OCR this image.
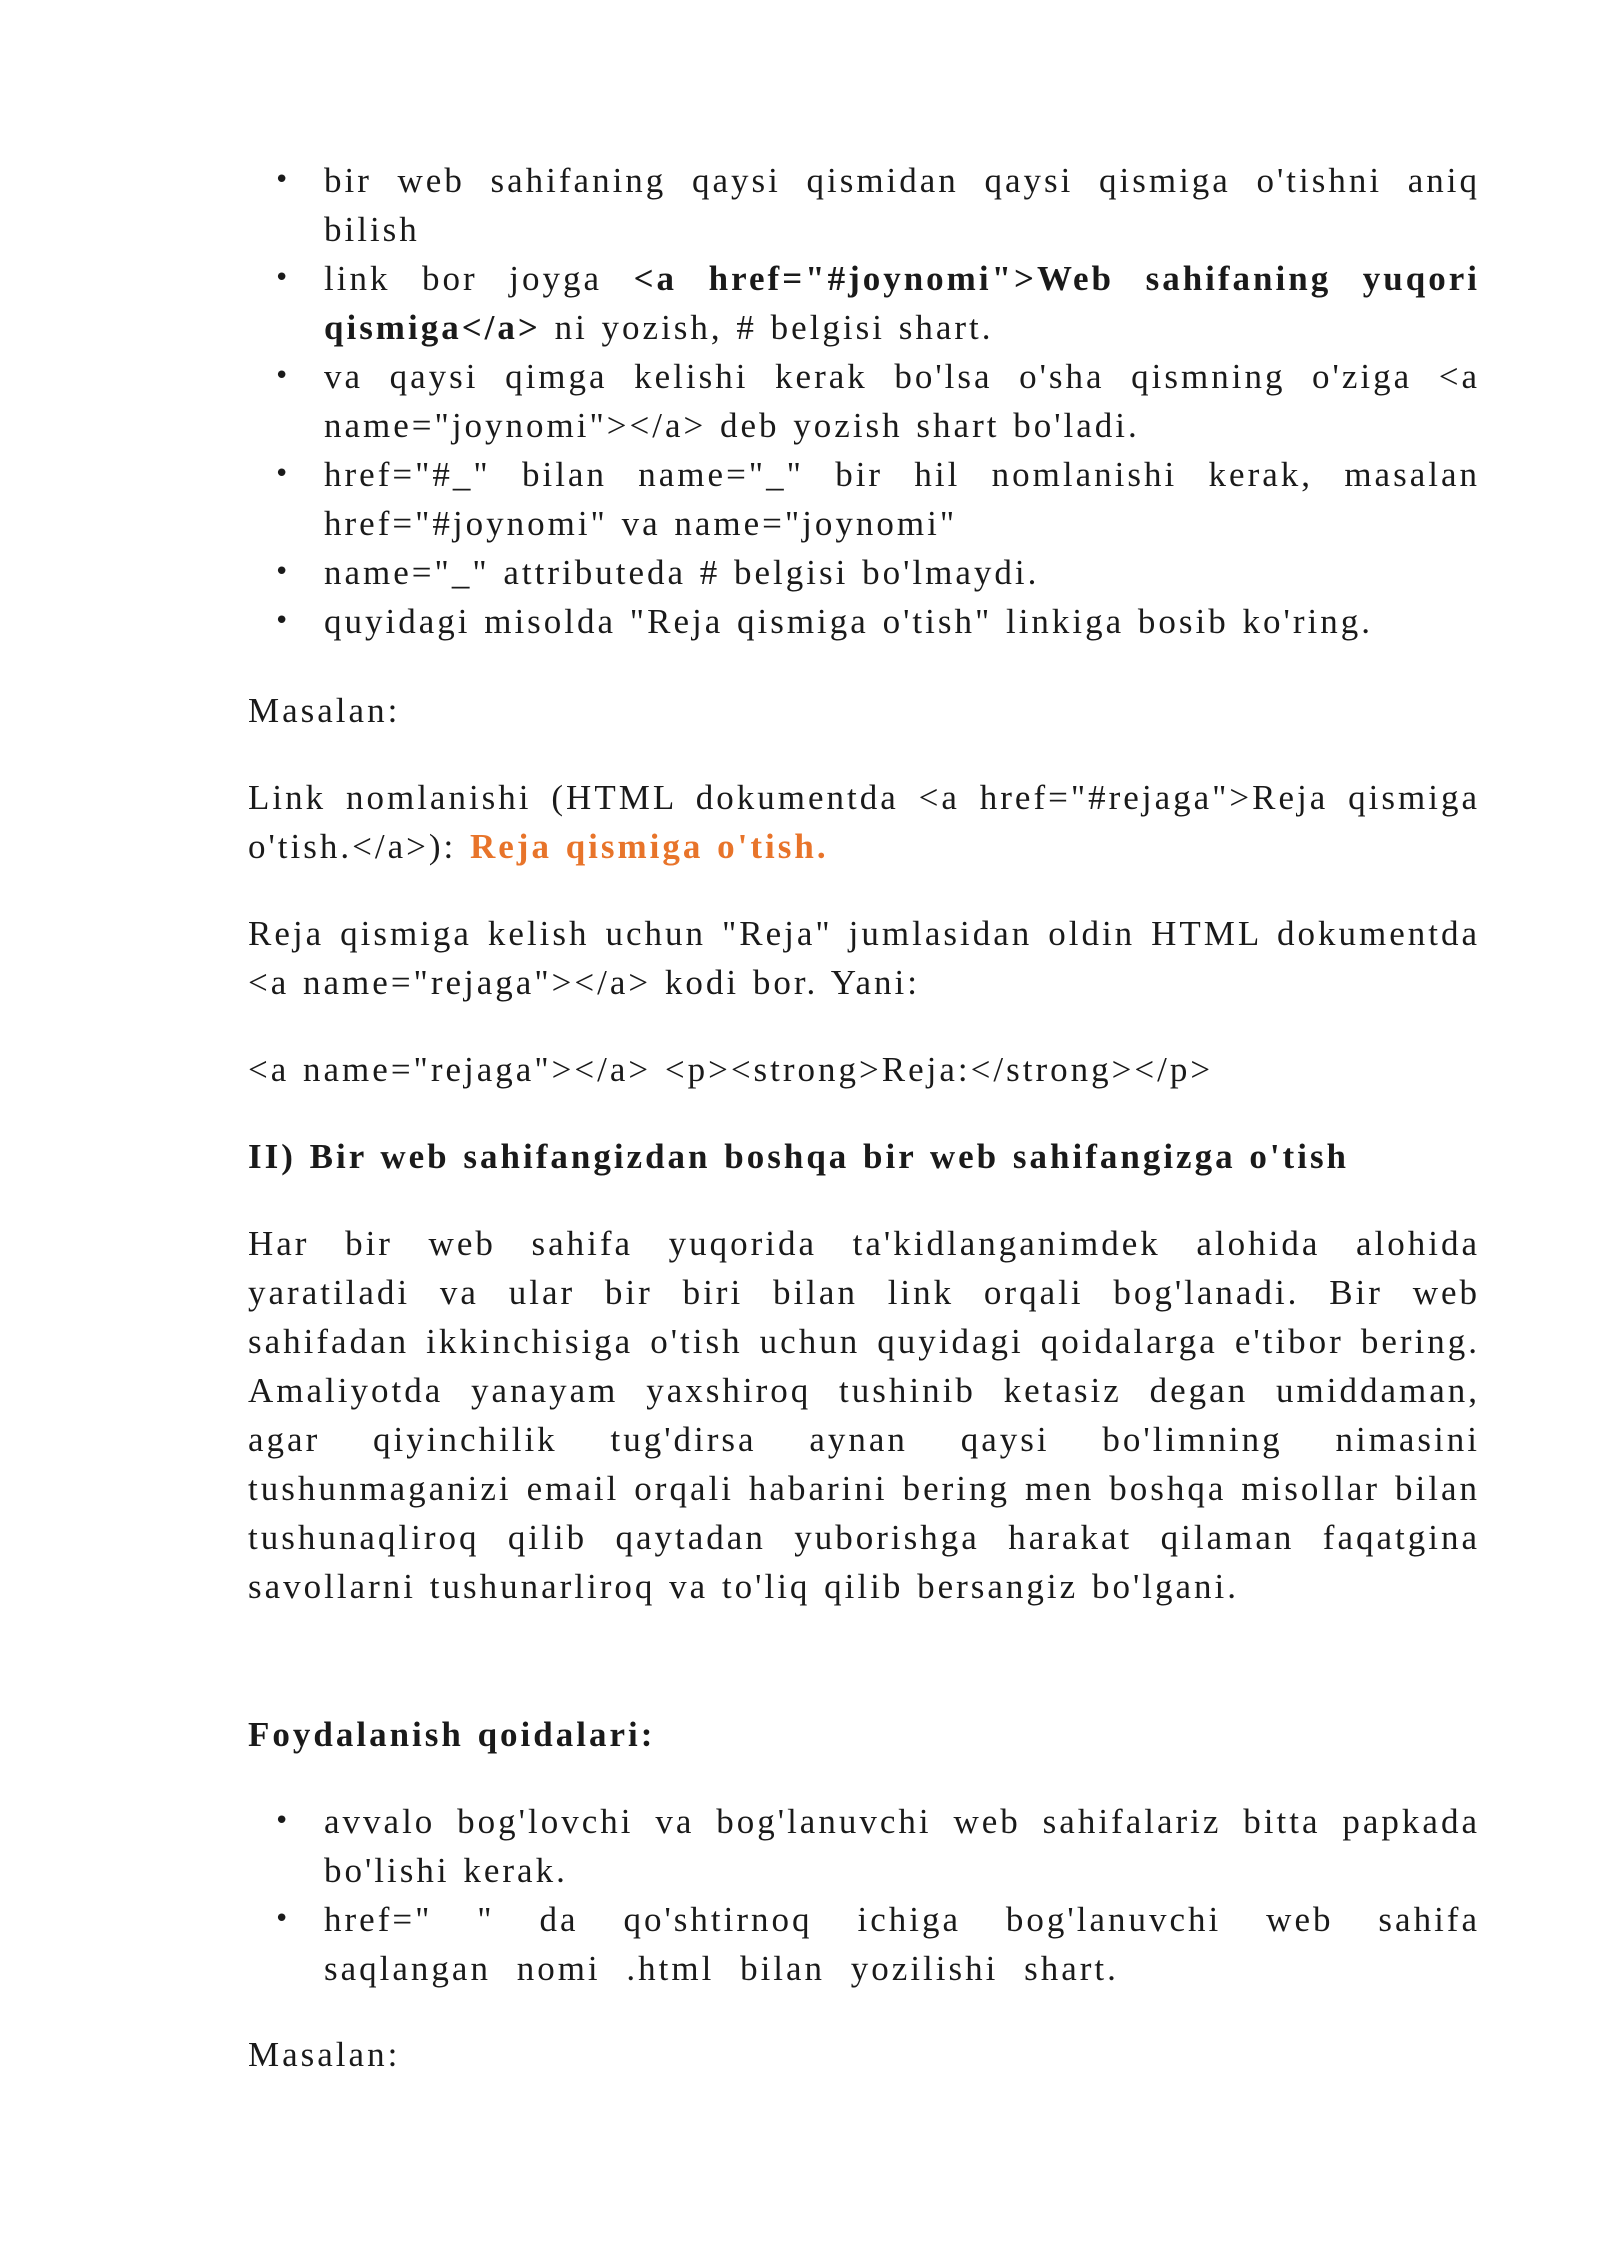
• bir web sahifaning qaysi qismidan qaysi qismiga o'tishni aniq bilish
• link bor joyga <a href="#joynomi">Web sahifaning yuqori qismiga</a> ni yozish, # belgisi shart.
• va qaysi qimga kelishi kerak bo'lsa o'sha qismning o'ziga <a name="joynomi"></a> deb yozish shart bo'ladi.
• href="#_" bilan name="_" bir hil nomlanishi kerak, masalan href="#joynomi" va name="joynomi"
• name="_" attributeda # belgisi bo'lmaydi.
• quyidagi misolda "Reja qismiga o'tish" linkiga bosib ko'ring.

Masalan:

Link nomlanishi (HTML dokumentda <a href="#rejaga">Reja qismiga o'tish.</a>): Reja qismiga o'tish.

Reja qismiga kelish uchun "Reja" jumlasidan oldin HTML dokumentda <a name="rejaga"></a> kodi bor. Yani:

<a name="rejaga"></a> <p><strong>Reja:</strong></p>

II) Bir web sahifangizdan boshqa bir web sahifangizga o'tish

Har bir web sahifa yuqorida ta'kidlanganimdek alohida alohida yaratiladi va ular bir biri bilan link orqali bog'lanadi. Bir web sahifadan ikkinchisiga o'tish uchun quyidagi qoidalarga e'tibor bering. Amaliyotda yanayam yaxshiroq tushinib ketasiz degan umiddaman, agar qiyinchilik tug'dirsa aynan qaysi bo'limning nimasini tushunmaganizi email orqali habarini bering men boshqa misollar bilan tushunaqliroq qilib qaytadan yuborishga harakat qilaman faqatgina savollarni tushunarliroq va to'liq qilib bersangiz bo'lgani.

Foydalanish qoidalari:

• avvalo bog'lovchi va bog'lanuvchi web sahifalariz bitta papkada bo'lishi kerak.
• href=" " da qo'shtirnoq ichiga bog'lanuvchi web sahifa saqlangan nomi .html bilan yozilishi shart.

Masalan:
